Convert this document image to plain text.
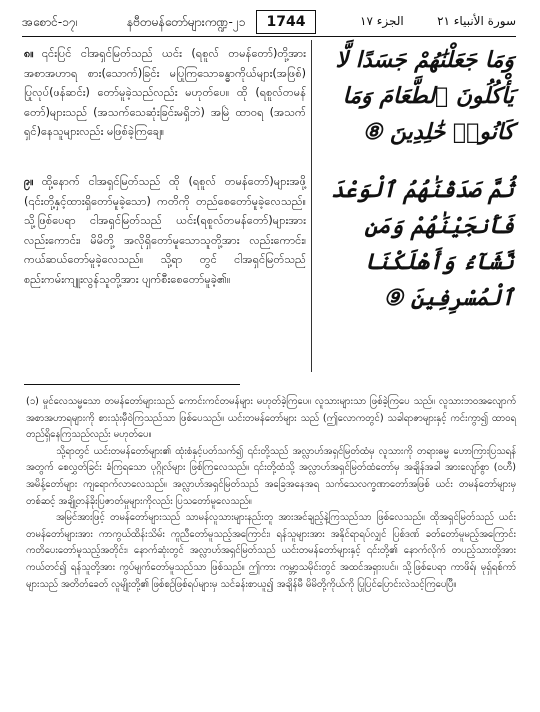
အစောင်-၁၇၊	နဗီတမန်တော်များကဏ္ဍ-၂၁	1744	الجزء ١٧	سورة الأنبياء ٢١
၈။ ၎င်းပြင် ငါအရှင်မြတ်သည် ယင်း (ရစူလ် တမန်တော်)တို့အား အစာအဟာရ စား(သောက်)ခြင်း မပြုကြသောခန္ဓာကိုယ်များ(အဖြစ်) ပြုလုပ်(ဖန်ဆင်း) တော်မူခဲ့သည်လည်း မဟုတ်ပေ။ ထို (ရစူလ်တမန် တော်)များသည် (အသက်သေဆုံးခြင်းမရှိဘဲ) အမြဲ ထာဝရ (အသက်ရှင်)နေသူများလည်း မဖြစ်ခဲ့ကြချေ။
وَمَا جَعَلْنَٰهُمْ جَسَدًا لَّا يَأْكُلُونَ ٱلطَّعَامَ وَمَا كَانُوا۟ خَٰلِدِينَ ⑧
၉။ ထို့နောက် ငါအရှင်မြတ်သည် ထို (ရစူလ် တမန်တော်)များအဖို့ (၎င်းတို့နှင့်ထားရှိတော်မူခဲ့သော) ကတိကို တည်စေတော်မူခဲ့လေသည်။ သို့ဖြစ်ပေရာ ငါအရှင်မြတ်သည် ယင်း(ရစူလ်တမန်တော်)များအား လည်းကောင်း၊ မိမိတို့ အလိုရှိတော်မူသောသူတို့အား လည်းကောင်း၊ ကယ်ဆယ်တော်မူခဲ့လေသည်။ သို့ရာ တွင် ငါအရှင်မြတ်သည် စည်းကမ်းကျူးလွန်သူတို့အား ပျက်စီးစေတော်မူခဲ့၏။
ثُمَّ صَدَقْنَٰهُمُ ٱلْوَعْدَ فَأَنجَيْنَٰهُمْ وَمَن نَّشَآءُ وَأَهْلَكْنَا ٱلْمُسْرِفِينَ ⑨

(၁) မှုင်လေသမ္မသော တမန်တော်များသည် ကောင်းကင်တမန်များ မဟုတ်ခဲ့ကြပေ။ လူသားများသာ ဖြစ်ခဲ့ကြပေ သည်။ လူသားဘဝအလျောက် အစာအဟာရများကို စားသုံးမှီဝဲကြသည်သာ ဖြစ်ပေသည်။ ယင်းတမန်တော်များ သည် (ဤလောကတွင်) သခါရာဇာများနှင့် ကင်းကွာ၍ ထာဝရ တည်ရှိနေကြသည်လည်း မဟုတ်ပေ။

သို့ရာတွင် ယင်းတမန်တော်များ၏ ထုံးစံနှင့်ပတ်သက်၍ ၎င်းတို့သည် အလ္လာဟ်အရှင်မြတ်ထံမှ လူသားကို တရားဓမ္မ ဟောကြားပြသရန်အတွက် စေလွှတ်ခြင်း ခံကြရသော ပုဂ္ဂိုလ်များ ဖြစ်ကြလေသည်။ ၎င်းတို့ထံသို့ အလ္လာဟ်အရှင်မြတ်ထံတော်မှ အချိန်အခါ အားလျော်စွာ (ဝဟီ) အမိန့်တော်များ ကျရောက်လာလေသည်။ အလ္လာဟ်အရှင်မြတ်သည် အခြေအနေအရ သက်သေလက္ခဏာတော်အဖြစ် ယင်း တမန်တော်များမှ တစ်ဆင့် အချို့တန်ခိုးပြဇာတ်မှုများကိုလည်း ပြသတော်မူလေသည်။

အမြင်အားဖြင့် တမန်တော်များသည် သာမန်လူသားများနည်းတူ အားအင်ချည့်နဲ့ကြသည်သာ ဖြစ်လေသည်။ ထိုအရှင်မြတ်သည် ယင်းတမန်တော်များအား ကာကွယ်ထိန်းသိမ်း ကူညီတော်မူသည့်အကြောင်း၊ ရန်သူများအား အနိုင်ရာရပ်လျှင် ပြစ်ဒဏ် ခတ်တော်မူမည့်အကြောင်း ကတိပေးတော်မူသည့်အတိုင်း၊ နောက်ဆုံးတွင် အလ္လာဟ်အရှင်မြတ်သည် ယင်းတမန်တော်များနှင့် ၎င်းတို့၏ နောက်လိုက် တပည့်သားတို့အား ကယ်တင်၍ ရန်သူတို့အား ကွပ်မျက်တော်မူသည်သာ ဖြစ်သည်။ ဤကား ကမ္ဘာ့သမိုင်းတွင် အထင်အရှားပင်။ သို့ဖြစ်ပေရာ ကာဖိရ်၊ မုရှ်ရစ်ကာ်များသည် အတိတ်ခေတ် လူမျိုးတို့၏ ဖြစ်စဉ်ဖြစ်ရပ်များမှ သင်ခန်းစာယူ၍ အချိန်မီ မိမိတို့ကိုယ်ကို ပြုပြင်ပြောင်းလဲသင့်ကြပေပြီ။
